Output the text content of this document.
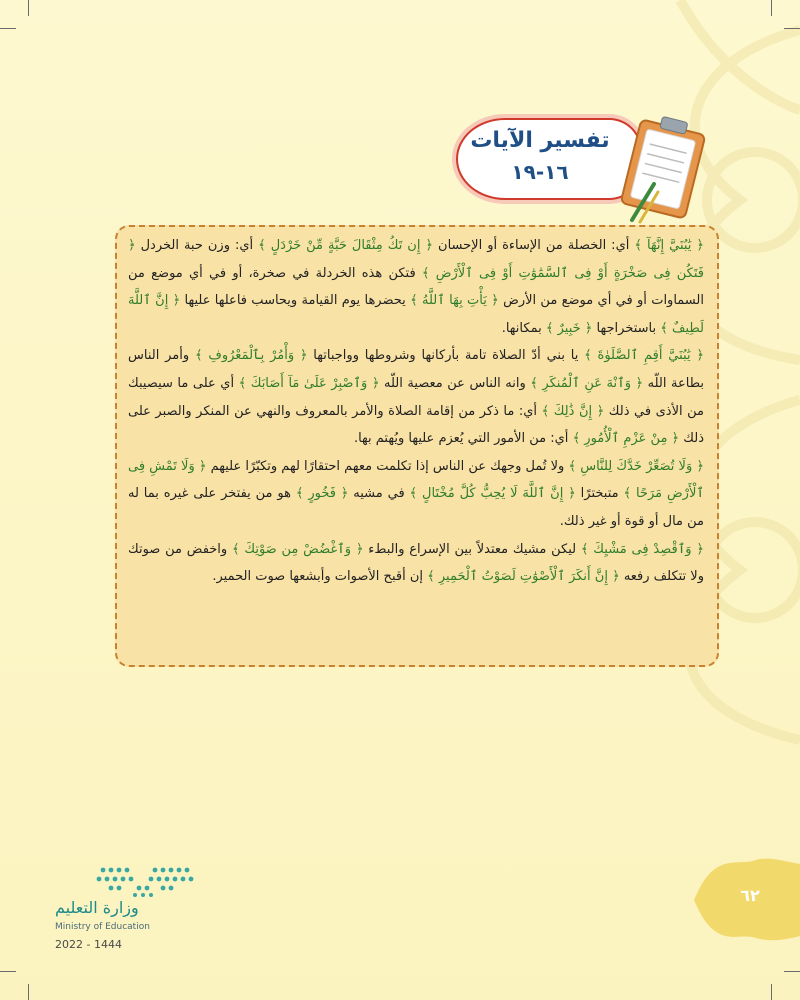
تفسير الآيات
١٦-١٩

﴿ يَٰبُنَيَّ إِنَّهَآ ﴾ أي: الخصلة من الإساءة أو الإحسان ﴿ إِن تَكُ مِثْقَالَ حَبَّةٍ مِّنْ خَرْدَلٍ ﴾ أي: وزن حبة الخردل ﴿ فَتَكُن فِى صَخْرَةٍ أَوْ فِى ٱلسَّمَٰوَٰتِ أَوْ فِى ٱلْأَرْضِ ﴾ فتكن هذه الخردلة في صخرة، أو في أي موضع من السماوات أو في أي موضع من الأرض ﴿ يَأْتِ بِهَا ٱللَّهُ ﴾ يحضرها يوم القيامة ويحاسب فاعلها عليها ﴿ إِنَّ ٱللَّهَ لَطِيفٌ ﴾ باستخراجها ﴿ خَبِيرٌ ﴾ بمكانها.

﴿ يَٰبُنَيَّ أَقِمِ ٱلصَّلَوٰةَ ﴾ يا بني أدّ الصلاة تامة بأركانها وشروطها وواجباتها ﴿ وَأْمُرْ بِٱلْمَعْرُوفِ ﴾ وأمر الناس بطاعة اللّه ﴿ وَٱنْهَ عَنِ ٱلْمُنكَرِ ﴾ وانه الناس عن معصية اللّه ﴿ وَٱصْبِرْ عَلَىٰ مَآ أَصَابَكَ ﴾ أي على ما سيصيبك من الأذى في ذلك ﴿ إِنَّ ذَٰلِكَ ﴾ أي: ما ذكر من إقامة الصلاة والأمر بالمعروف والنهي عن المنكر والصبر على ذلك ﴿ مِنْ عَزْمِ ٱلْأُمُورِ ﴾ أي: من الأمور التي يُعزم عليها ويُهتم بها.

﴿ وَلَا تُصَعِّرْ خَدَّكَ لِلنَّاسِ ﴾ ولا تُمل وجهك عن الناس إذا تكلمت معهم احتقارًا لهم وتكبّرًا عليهم ﴿ وَلَا تَمْشِ فِى ٱلْأَرْضِ مَرَحًا ﴾ متبخترًا ﴿ إِنَّ ٱللَّهَ لَا يُحِبُّ كُلَّ مُخْتَالٍ ﴾ في مشيه ﴿ فَخُورٍ ﴾ هو من يفتخر على غيره بما له من مال أو قوة أو غير ذلك.

﴿ وَٱقْصِدْ فِى مَشْيِكَ ﴾ ليكن مشيك معتدلاً بين الإسراع والبطء ﴿ وَٱغْضُضْ مِن صَوْتِكَ ﴾ واخفض من صوتك ولا تتكلف رفعه ﴿ إِنَّ أَنكَرَ ٱلْأَصْوَٰتِ لَصَوْتُ ٱلْحَمِيرِ ﴾ إن أقبح الأصوات وأبشعها صوت الحمير.

وزارة التعليم
Ministry of Education
2022 - 1444
٦٢
